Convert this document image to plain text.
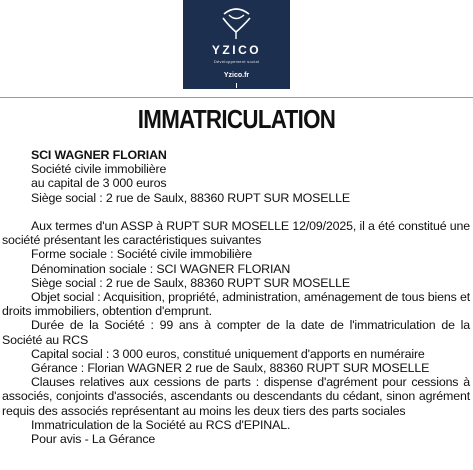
YZICO
Développement social
Yzico.fr
IMMATRICULATION

SCI WAGNER FLORIAN

Société civile immobilière

au capital de 3 000 euros

Siège social : 2 rue de Saulx, 88360 RUPT SUR MOSELLE

Aux termes d'un ASSP à RUPT SUR MOSELLE 12/09/2025, il a été constitué une société présentant les caractéristiques suivantes

Forme sociale : Société civile immobilière

Dénomination sociale : SCI WAGNER FLORIAN

Siège social : 2 rue de Saulx, 88360 RUPT SUR MOSELLE

Objet social : Acquisition, propriété, administration, aménagement de tous biens et droits immobiliers, obtention d'emprunt.

Durée de la Société : 99 ans à compter de la date de l'immatriculation de la Société au RCS

Capital social : 3 000 euros, constitué uniquement d'apports en numéraire

Gérance : Florian WAGNER 2 rue de Saulx, 88360 RUPT SUR MOSELLE

Clauses relatives aux cessions de parts : dispense d'agrément pour cessions à associés, conjoints d'associés, ascendants ou descendants du cédant, sinon agrément requis des associés représentant au moins les deux tiers des parts sociales

Immatriculation de la Société au RCS d'EPINAL.

Pour avis - La Gérance
